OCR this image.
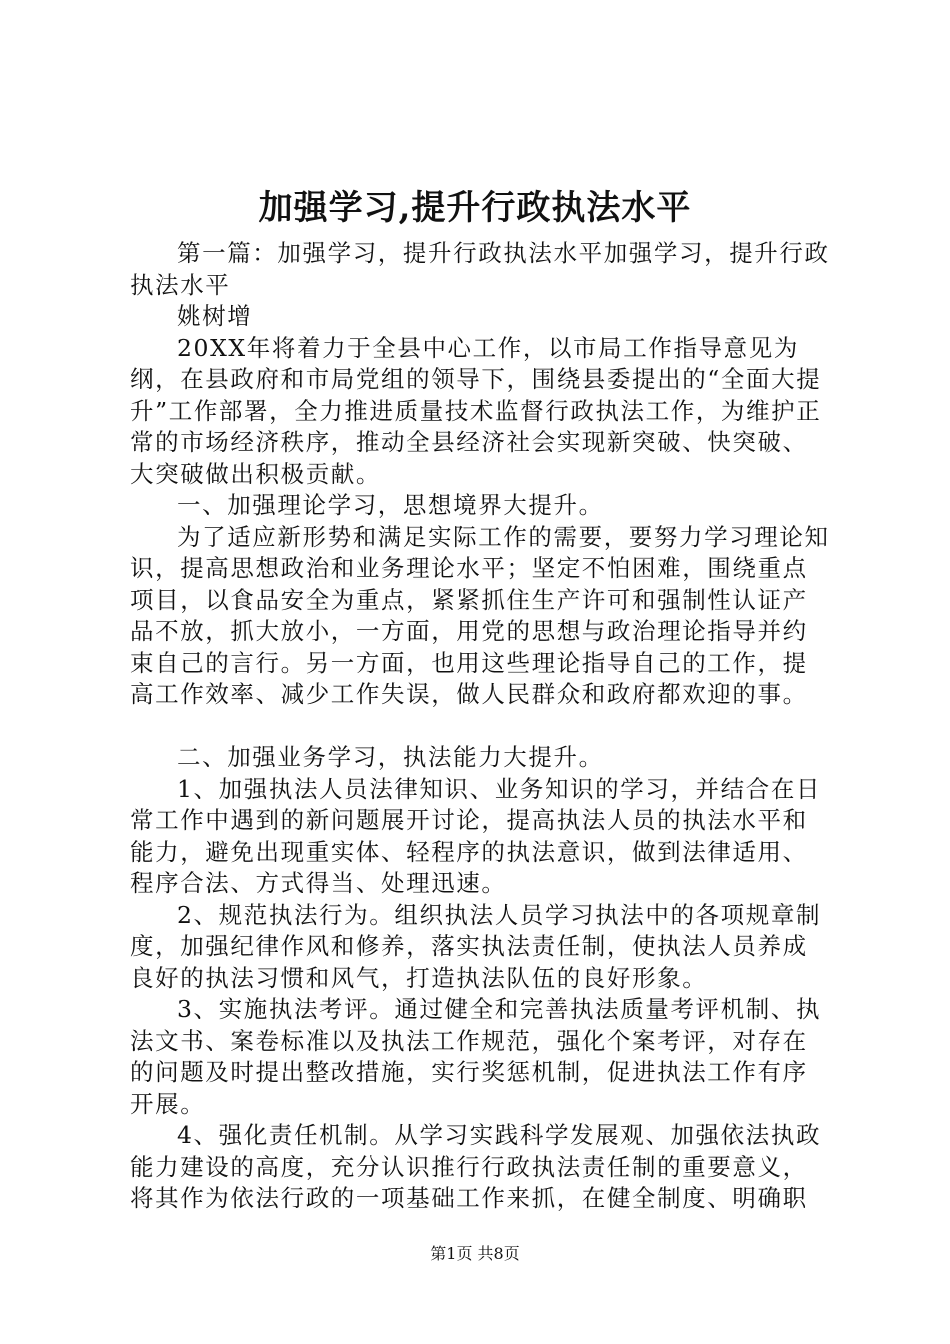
加强学习,提升行政执法水平

第一篇：加强学习，提升行政执法水平加强学习，提升行政执法水平

姚树增

20XX年将着力于全县中心工作，以市局工作指导意见为纲，在县政府和市局党组的领导下，围绕县委提出的“全面大提升”工作部署，全力推进质量技术监督行政执法工作，为维护正常的市场经济秩序，推动全县经济社会实现新突破、快突破、大突破做出积极贡献。

一、加强理论学习，思想境界大提升。

为了适应新形势和满足实际工作的需要，要努力学习理论知识，提高思想政治和业务理论水平；坚定不怕困难，围绕重点项目，以食品安全为重点，紧紧抓住生产许可和强制性认证产品不放，抓大放小，一方面，用党的思想与政治理论指导并约束自己的言行。另一方面，也用这些理论指导自己的工作，提高工作效率、减少工作失误，做人民群众和政府都欢迎的事。

二、加强业务学习，执法能力大提升。

1、加强执法人员法律知识、业务知识的学习，并结合在日常工作中遇到的新问题展开讨论，提高执法人员的执法水平和能力，避免出现重实体、轻程序的执法意识，做到法律适用、程序合法、方式得当、处理迅速。

2、规范执法行为。组织执法人员学习执法中的各项规章制度，加强纪律作风和修养，落实执法责任制，使执法人员养成良好的执法习惯和风气，打造执法队伍的良好形象。

3、实施执法考评。通过健全和完善执法质量考评机制、执法文书、案卷标准以及执法工作规范，强化个案考评，对存在的问题及时提出整改措施，实行奖惩机制，促进执法工作有序开展。

4、强化责任机制。从学习实践科学发展观、加强依法执政能力建设的高度，充分认识推行行政执法责任制的重要意义，将其作为依法行政的一项基础工作来抓，在健全制度、明确职

第1页 共8页
